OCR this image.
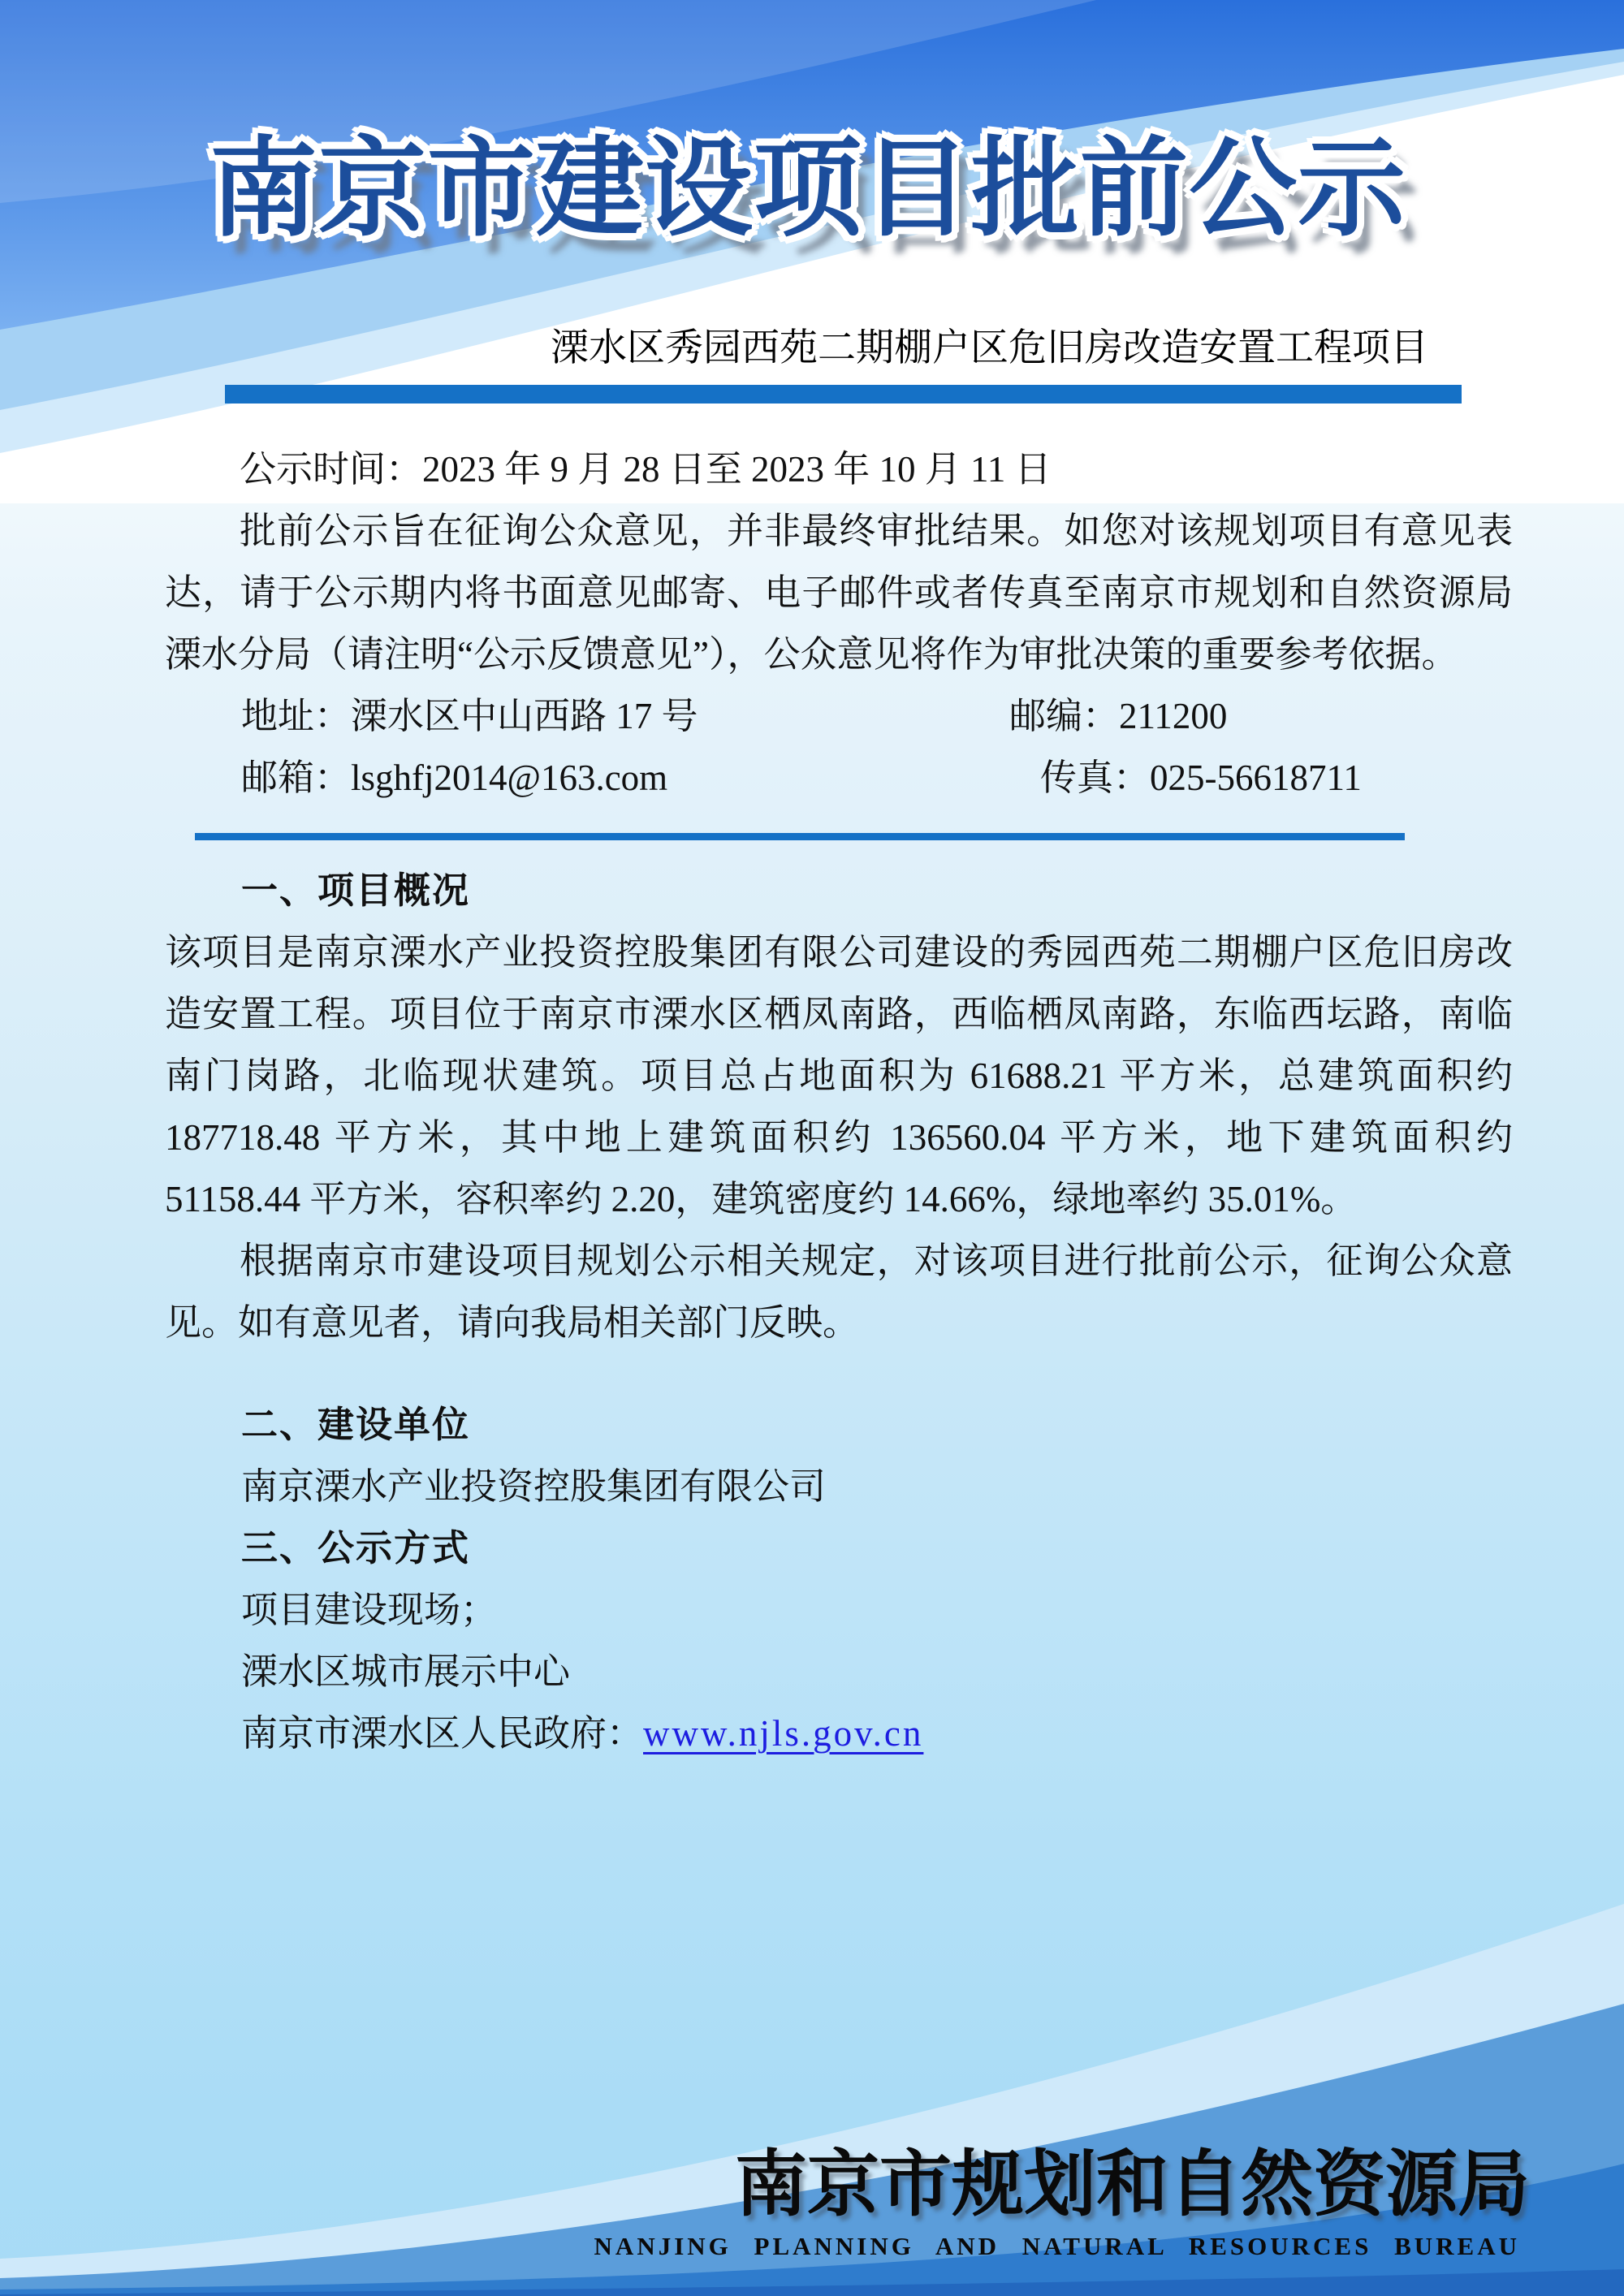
南京市建设项目批前公示
溧水区秀园西苑二期棚户区危旧房改造安置工程项目

公示时间：2023 年 9 月 28 日至 2023 年 10 月 11 日

批前公示旨在征询公众意见，并非最终审批结果。如您对该规划项目有意见表达，请于公示期内将书面意见邮寄、电子邮件或者传真至南京市规划和自然资源局溧水分局（请注明“公示反馈意见”），公众意见将作为审批决策的重要参考依据。

地址：溧水区中山西路 17 号	邮编：211200
邮箱：lsghfj2014@163.com	传真：025-56618711

一、项目概况

该项目是南京溧水产业投资控股集团有限公司建设的秀园西苑二期棚户区危旧房改造安置工程。项目位于南京市溧水区栖凤南路，西临栖凤南路，东临西坛路，南临南门岗路，北临现状建筑。项目总占地面积为 61688.21 平方米，总建筑面积约 187718.48 平方米，其中地上建筑面积约 136560.04 平方米，地下建筑面积约 51158.44 平方米，容积率约 2.20，建筑密度约 14.66%，绿地率约 35.01%。

根据南京市建设项目规划公示相关规定，对该项目进行批前公示，征询公众意见。如有意见者，请向我局相关部门反映。

二、建设单位

南京溧水产业投资控股集团有限公司

三、公示方式

项目建设现场；

溧水区城市展示中心

南京市溧水区人民政府：www.njls.gov.cn

南京市规划和自然资源局
NANJING PLANNING AND NATURAL RESOURCES BUREAU
